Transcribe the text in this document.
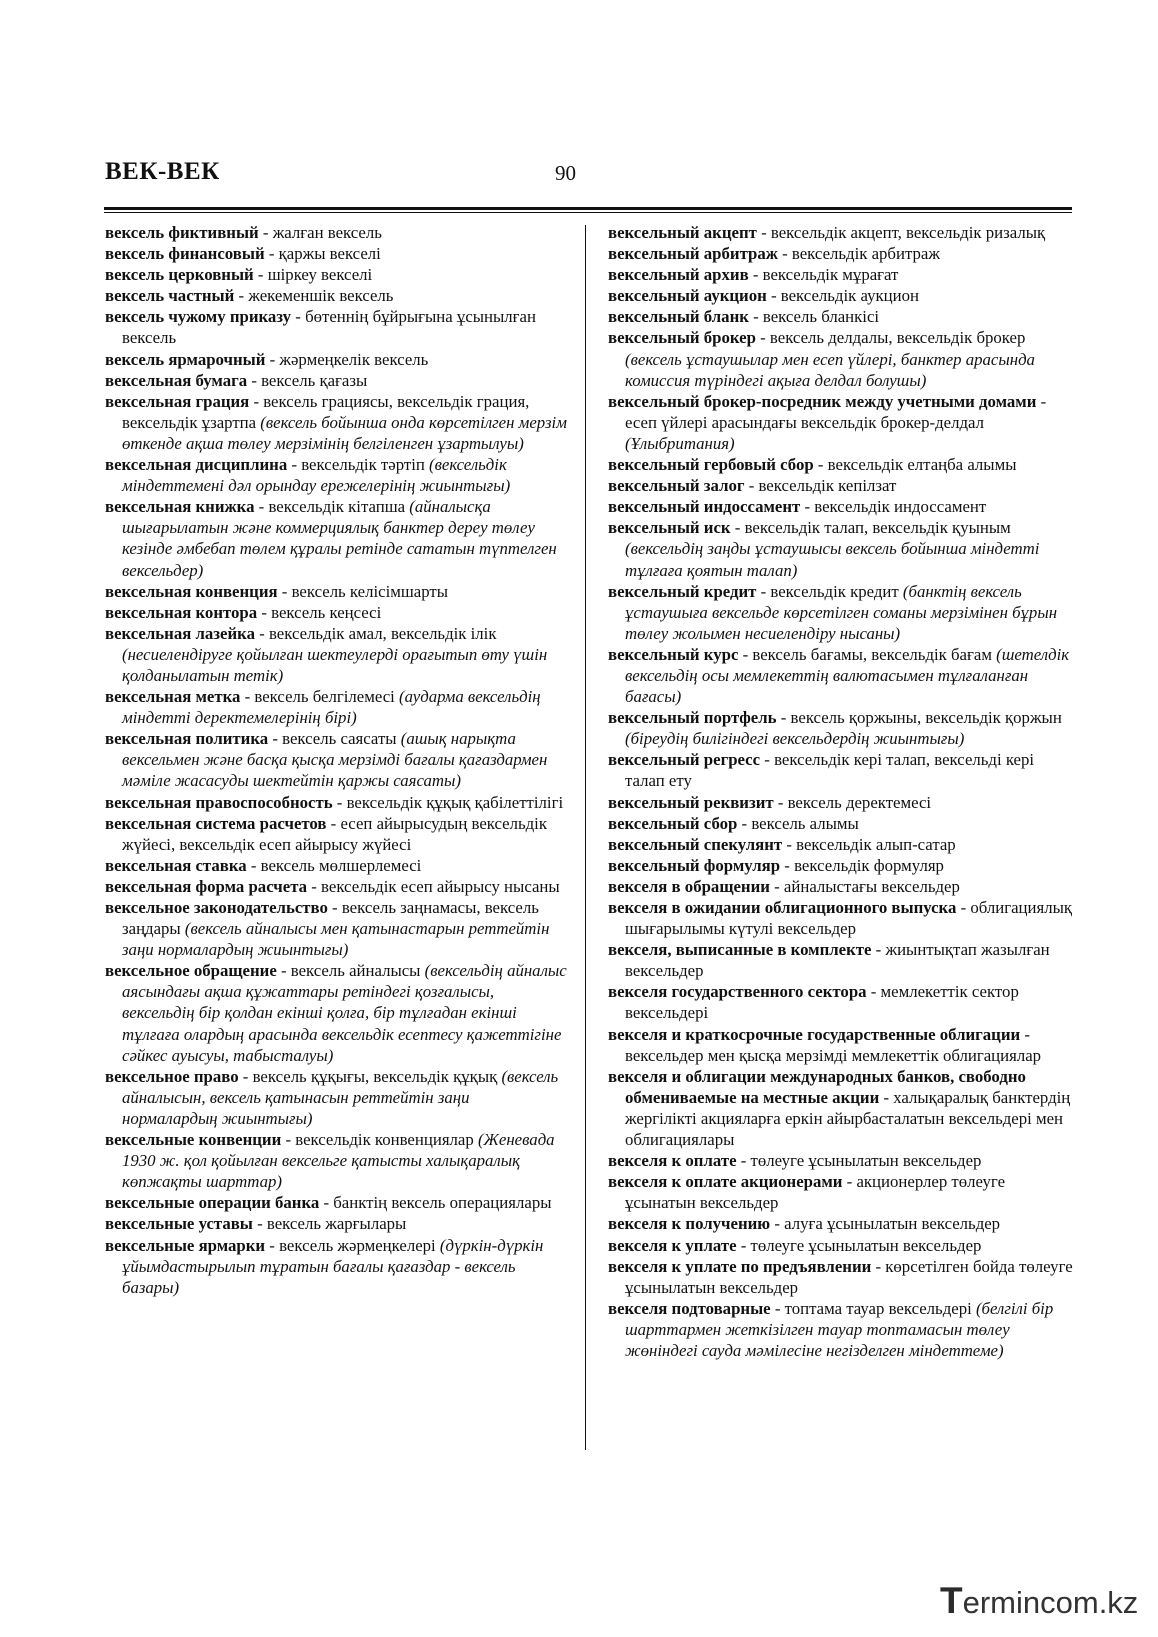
ВЕК-ВЕК	90

вексель фиктивный - жалған вексель

вексель финансовый - қаржы векселі

вексель церковный - шіркеу векселі

вексель частный - жекеменшік вексель

вексель чужому приказу - бөтеннің бұйрығына ұсынылған вексель

вексель ярмарочный - жәрмеңкелік вексель

вексельная бумага - вексель қағазы

вексельная грация - вексель грацияcы, вексельдік грация, вексельдік ұзартпа (вексель бойынша онда көрсетілген мерзім өткенде ақша төлеу мерзімінің белгіленген ұзартылуы)

вексельная дисциплина - вексельдік тәртіп (вексельдік міндеттемені дәл орындау ережелерінің жиынтығы)

вексельная книжка - вексельдік кітапша (айналысқа шығарылатын және коммерциялық банктер дереу төлеу кезінде әмбебап төлем құралы ретінде сататын түптелген вексельдер)

вексельная конвенция - вексель келісімшарты

вексельная контора - вексель кеңсесі

вексельная лазейка - вексельдік амал, вексельдік ілік (несиелендіруге қойылған шектеулерді орағытып өту үшін қолданылатын тетік)

вексельная метка - вексель белгілемесі (аударма вексельдің міндетті деректемелерінің бірі)

вексельная политика - вексель саясаты (ашық нарықта вексельмен және басқа қысқа мерзімді бағалы қағаздармен мәміле жасасуды шектейтін қаржы саясаты)

вексельная правоспособность - вексельдік құқық қабілеттілігі

вексельная система расчетов - есеп айырысудың вексельдік жүйесі, вексельдік есеп айырысу жүйесі

вексельная ставка - вексель мөлшерлемесі

вексельная форма расчета - вексельдік есеп айырысу нысаны

вексельное законодательство - вексель заңнамасы, вексель заңдары (вексель айналысы мен қатынастарын реттейтін заңи нормалардың жиынтығы)

вексельное обращение - вексель айналысы (вексельдің айналыс аясындағы ақша құжаттары ретіндегі қозғалысы, вексельдің бір қолдан екінші қолға, бір тұлғадан екінші тұлғаға олардың арасында вексельдік есептесу қажеттігіне сәйкес ауысуы, табысталуы)

вексельное право - вексель құқығы, вексельдік құқық (вексель айналысын, вексель қатынасын реттейтін заңи нормалардың жиынтығы)

вексельные конвенции - вексельдік конвенциялар (Женевада 1930 ж. қол қойылған вексельге қатысты халықаралық көпжақты шарттар)

вексельные операции банка - банктің вексель операциялары

вексельные уставы - вексель жарғылары

вексельные ярмарки - вексель жәрмеңкелері (дүркін-дүркін ұйымдастырылып тұратын бағалы қағаздар - вексель базары)

вексельный акцепт - вексельдік акцепт, вексельдік ризалық

вексельный арбитраж - вексельдік арбитраж

вексельный архив - вексельдік мұрағат

вексельный аукцион - вексельдік аукцион

вексельный бланк - вексель бланкісі

вексельный брокер - вексель делдалы, вексельдік брокер (вексель ұстаушылар мен есеп үйлері, банктер арасында комиссия түріндегі ақыға делдал болушы)

вексельный брокер-посредник между учетными домами - есеп үйлері арасындағы вексельдік брокер-делдал (Ұлыбритания)

вексельный гербовый сбор - вексельдік елтаңба алымы

вексельный залог - вексельдік кепілзат

вексельный индоссамент - вексельдік индоссамент

вексельный иск - вексельдік талап, вексельдік қуыным (вексельдің заңды ұстаушысы вексель бойынша міндетті тұлғаға қоятын талап)

вексельный кредит - вексельдік кредит (банктің вексель ұстаушыға вексельде көрсетілген соманы мерзімінен бұрын төлеу жолымен несиелендіру нысаны)

вексельный курс - вексель бағамы, вексельдік бағам (шетелдік вексельдің осы мемлекеттің валютасымен тұлғаланған бағасы)

вексельный портфель - вексель қоржыны, вексельдік қоржын (біреудің билігіндегі вексельдердің жиынтығы)

вексельный регресс - вексельдік кері талап, вексельді кері талап ету

вексельный реквизит - вексель деректемесі

вексельный сбор - вексель алымы

вексельный спекулянт - вексельдік алып-сатар

вексельный формуляр - вексельдік формуляр

векселя в обращении - айналыстағы вексельдер

векселя в ожидании облигационного выпуска - облигациялық шығарылымы күтулі вексельдер

векселя, выписанные в комплекте - жиынтықтап жазылған вексельдер

векселя государственного сектора - мемлекеттік сектор вексельдері

векселя и краткосрочные государственные облигации - вексельдер мен қысқа мерзімді мемлекеттік облигациялар

векселя и облигации международных банков, свободно обмениваемые на местные акции - халықаралық банктердің жергілікті акцияларға еркін айырбасталатын вексельдері мен облигациялары

векселя к оплате - төлеуге ұсынылатын вексельдер

векселя к оплате акционерами - акционерлер төлеуге ұсынатын вексельдер

векселя к получению - алуға ұсынылатын вексельдер

векселя к уплате - төлеуге ұсынылатын вексельдер

векселя к уплате по предъявлении - көрсетілген бойда төлеуге ұсынылатын вексельдер

векселя подтоварные - топтама тауар вексельдері (белгілі бір шарттармен жеткізілген тауар топтамасын төлеу жөніндегі сауда мәмілесіне негізделген міндеттеме)

Termincom.kz
